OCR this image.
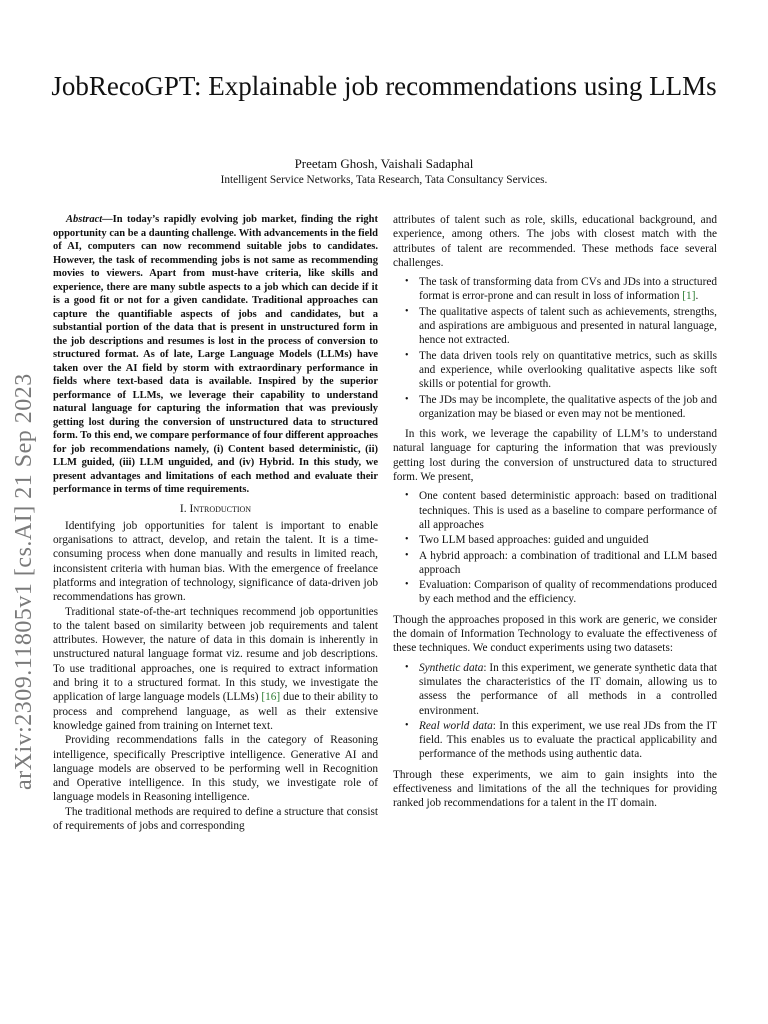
JobRecoGPT: Explainable job recommendations using LLMs
Preetam Ghosh, Vaishali Sadaphal
Intelligent Service Networks, Tata Research, Tata Consultancy Services.
arXiv:2309.11805v1 [cs.AI] 21 Sep 2023

Abstract—In today’s rapidly evolving job market, finding the right opportunity can be a daunting challenge. With advancements in the field of AI, computers can now recommend suitable jobs to candidates. However, the task of recommending jobs is not same as recommending movies to viewers. Apart from must-have criteria, like skills and experience, there are many subtle aspects to a job which can decide if it is a good fit or not for a given candidate. Traditional approaches can capture the quantifiable aspects of jobs and candidates, but a substantial portion of the data that is present in unstructured form in the job descriptions and resumes is lost in the process of conversion to structured format. As of late, Large Language Models (LLMs) have taken over the AI field by storm with extraordinary performance in fields where text-based data is available. Inspired by the superior performance of LLMs, we leverage their capability to understand natural language for capturing the information that was previously getting lost during the conversion of unstructured data to structured form. To this end, we compare performance of four different approaches for job recommendations namely, (i) Content based deterministic, (ii) LLM guided, (iii) LLM unguided, and (iv) Hybrid. In this study, we present advantages and limitations of each method and evaluate their performance in terms of time requirements.

I. Introduction

Identifying job opportunities for talent is important to enable organisations to attract, develop, and retain the talent. It is a time-consuming process when done manually and results in limited reach, inconsistent criteria with human bias. With the emergence of freelance platforms and integration of technology, significance of data-driven job recommendations has grown.

Traditional state-of-the-art techniques recommend job opportunities to the talent based on similarity between job requirements and talent attributes. However, the nature of data in this domain is inherently in unstructured natural language format viz. resume and job descriptions. To use traditional approaches, one is required to extract information and bring it to a structured format. In this study, we investigate the application of large language models (LLMs) [16] due to their ability to process and comprehend language, as well as their extensive knowledge gained from training on Internet text.

Providing recommendations falls in the category of Reasoning intelligence, specifically Prescriptive intelligence. Generative AI and language models are observed to be performing well in Recognition and Operative intelligence. In this study, we investigate role of language models in Reasoning intelligence.

The traditional methods are required to define a structure that consist of requirements of jobs and corresponding

attributes of talent such as role, skills, educational background, and experience, among others. The jobs with closest match with the attributes of talent are recommended. These methods face several challenges.

• The task of transforming data from CVs and JDs into a structured format is error-prone and can result in loss of information [1].
• The qualitative aspects of talent such as achievements, strengths, and aspirations are ambiguous and presented in natural language, hence not extracted.
• The data driven tools rely on quantitative metrics, such as skills and experience, while overlooking qualitative aspects like soft skills or potential for growth.
• The JDs may be incomplete, the qualitative aspects of the job and organization may be biased or even may not be mentioned.

In this work, we leverage the capability of LLM’s to understand natural language for capturing the information that was previously getting lost during the conversion of unstructured data to structured form. We present,

• One content based deterministic approach: based on traditional techniques. This is used as a baseline to compare performance of all approaches
• Two LLM based approaches: guided and unguided
• A hybrid approach: a combination of traditional and LLM based approach
• Evaluation: Comparison of quality of recommendations produced by each method and the efficiency.

Though the approaches proposed in this work are generic, we consider the domain of Information Technology to evaluate the effectiveness of these techniques. We conduct experiments using two datasets:

• Synthetic data: In this experiment, we generate synthetic data that simulates the characteristics of the IT domain, allowing us to assess the performance of all methods in a controlled environment.
• Real world data: In this experiment, we use real JDs from the IT field. This enables us to evaluate the practical applicability and performance of the methods using authentic data.

Through these experiments, we aim to gain insights into the effectiveness and limitations of the all the techniques for providing ranked job recommendations for a talent in the IT domain.
